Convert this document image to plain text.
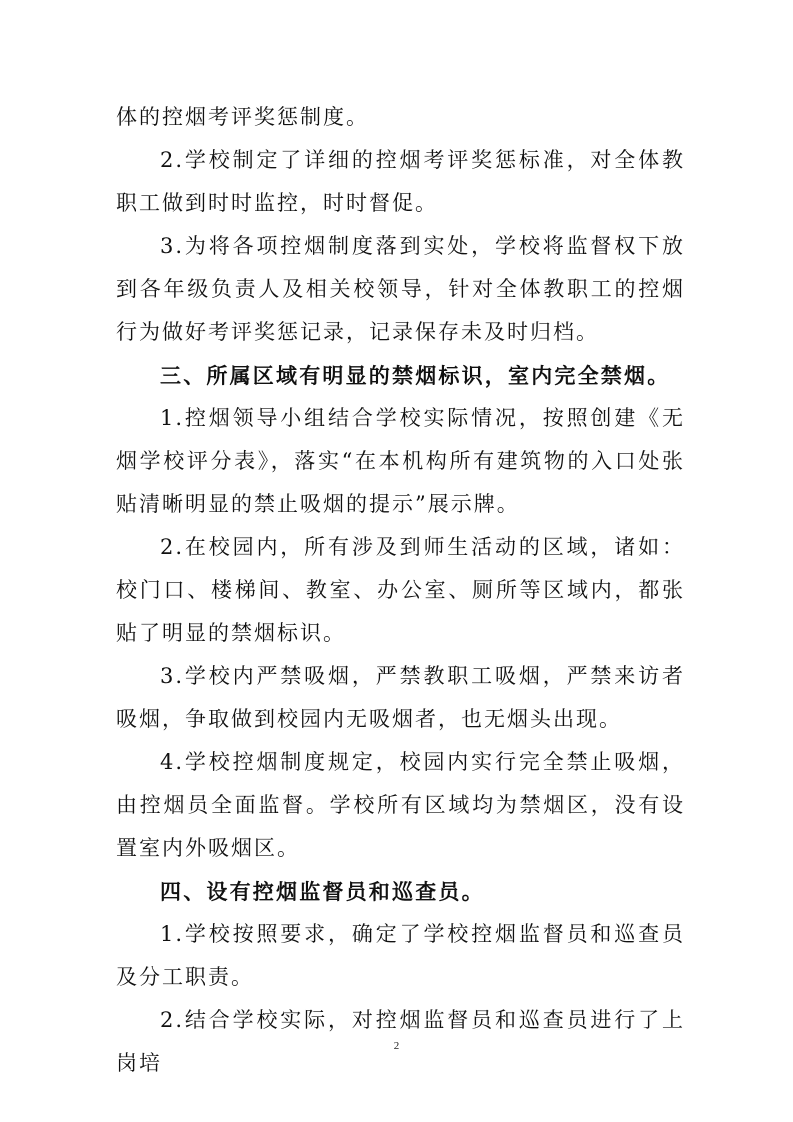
体的控烟考评奖惩制度。

2.学校制定了详细的控烟考评奖惩标准，对全体教职工做到时时监控，时时督促。

3.为将各项控烟制度落到实处，学校将监督权下放到各年级负责人及相关校领导，针对全体教职工的控烟行为做好考评奖惩记录，记录保存未及时归档。

三、所属区域有明显的禁烟标识，室内完全禁烟。

1.控烟领导小组结合学校实际情况，按照创建《无烟学校评分表》，落实“在本机构所有建筑物的入口处张贴清晰明显的禁止吸烟的提示”展示牌。

2.在校园内，所有涉及到师生活动的区域，诸如：校门口、楼梯间、教室、办公室、厕所等区域内，都张贴了明显的禁烟标识。

3.学校内严禁吸烟，严禁教职工吸烟，严禁来访者吸烟，争取做到校园内无吸烟者，也无烟头出现。

4.学校控烟制度规定，校园内实行完全禁止吸烟，由控烟员全面监督。学校所有区域均为禁烟区，没有设置室内外吸烟区。

四、设有控烟监督员和巡查员。

1.学校按照要求，确定了学校控烟监督员和巡查员及分工职责。

2.结合学校实际，对控烟监督员和巡查员进行了上岗培

2
